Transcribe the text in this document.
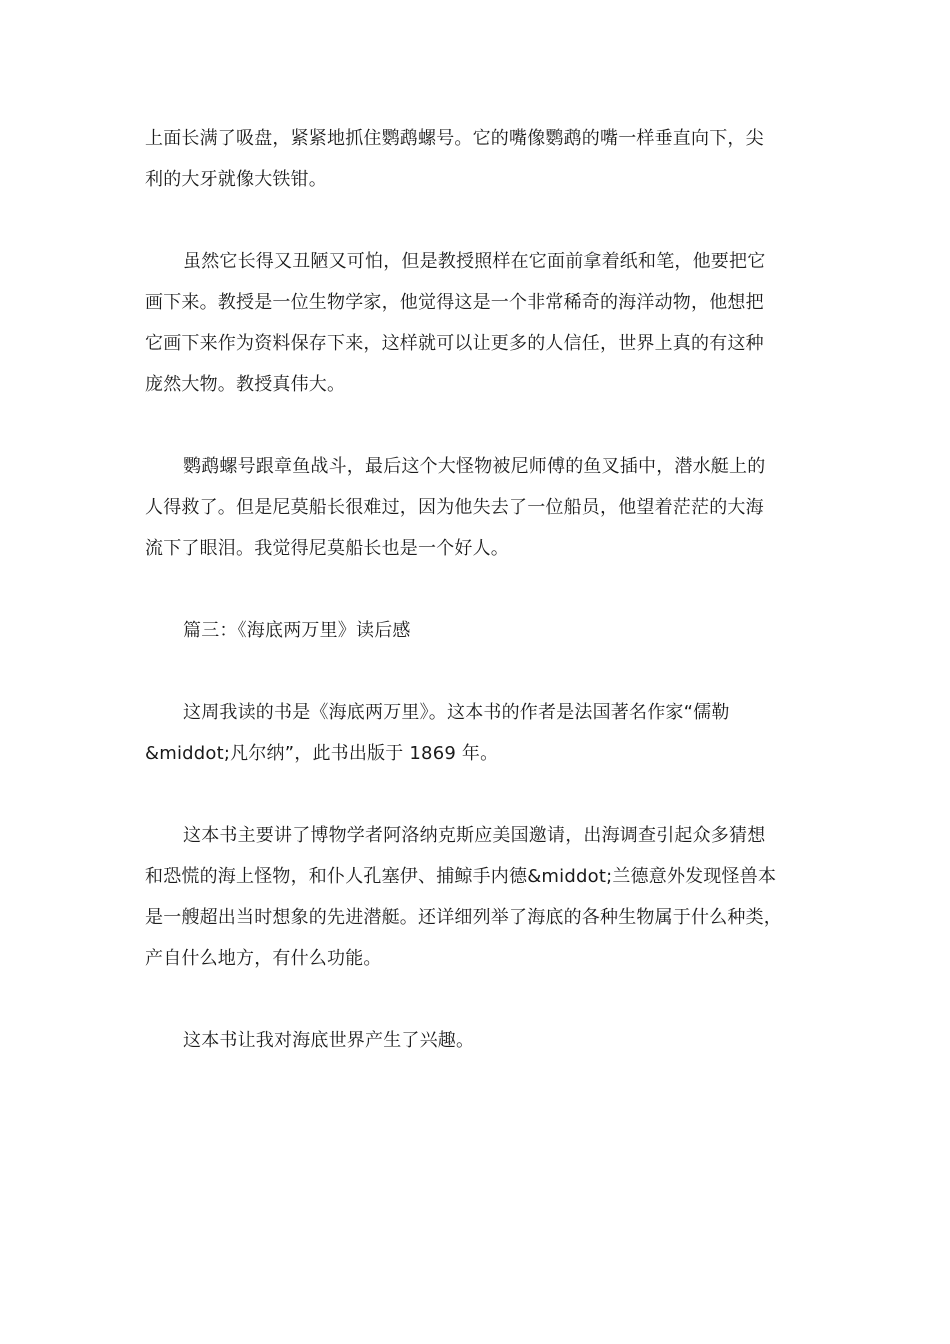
上面长满了吸盘，紧紧地抓住鹦鹉螺号。它的嘴像鹦鹉的嘴一样垂直向下，尖
利的大牙就像大铁钳。

虽然它长得又丑陋又可怕，但是教授照样在它面前拿着纸和笔，他要把它
画下来。教授是一位生物学家，他觉得这是一个非常稀奇的海洋动物，他想把
它画下来作为资料保存下来，这样就可以让更多的人信任，世界上真的有这种
庞然大物。教授真伟大。

鹦鹉螺号跟章鱼战斗，最后这个大怪物被尼师傅的鱼叉插中，潜水艇上的
人得救了。但是尼莫船长很难过，因为他失去了一位船员，他望着茫茫的大海
流下了眼泪。我觉得尼莫船长也是一个好人。

篇三：《海底两万里》读后感

这周我读的书是《海底两万里》。这本书的作者是法国著名作家“儒勒
&middot;凡尔纳”，此书出版于 1869 年。

这本书主要讲了博物学者阿洛纳克斯应美国邀请，出海调查引起众多猜想
和恐慌的海上怪物，和仆人孔塞伊、捕鲸手内德&middot;兰德意外发现怪兽本
是一艘超出当时想象的先进潜艇。还详细列举了海底的各种生物属于什么种类，
产自什么地方，有什么功能。

这本书让我对海底世界产生了兴趣。
